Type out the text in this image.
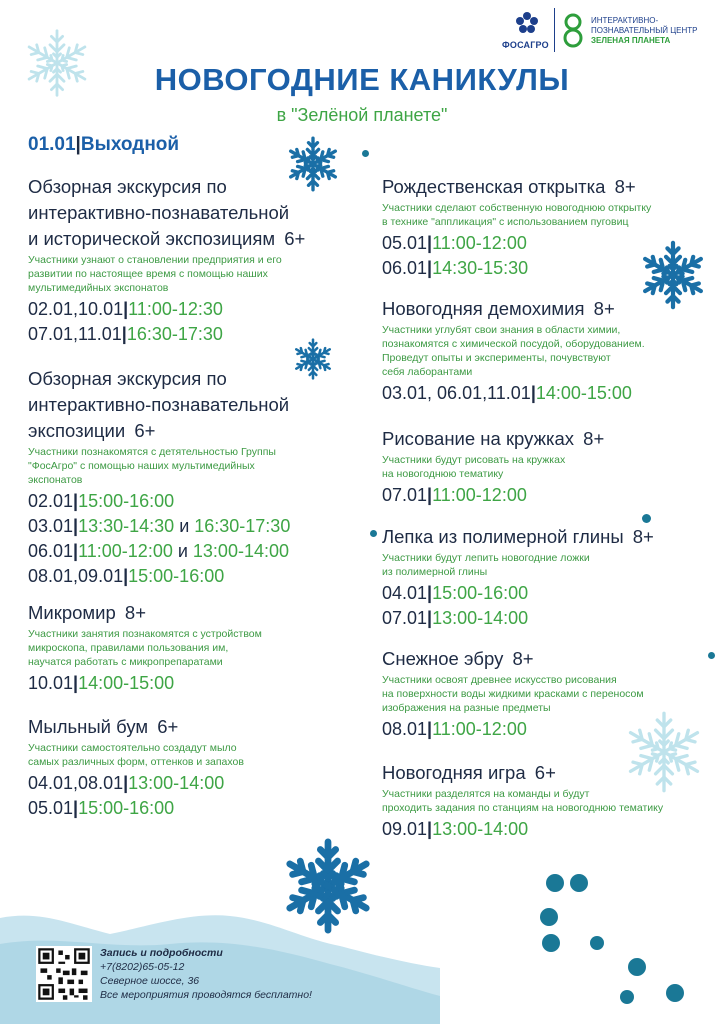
ФОСАГРО
ИНТЕРАКТИВНО-
ПОЗНАВАТЕЛЬНЫЙ ЦЕНТР
ЗЕЛЕНАЯ ПЛАНЕТА
НОВОГОДНИЕ КАНИКУЛЫ
в "Зелёной планете"
01.01|Выходной
Обзорная экскурсия по
интерактивно-познавательной
и исторической экспозициям 6+
Участники узнают о становлении предприятия и его
развитии по настоящее время с помощью наших
мультимедийных экспонатов
02.01,10.01|11:00-12:30
07.01,11.01|16:30-17:30
Обзорная экскурсия по
интерактивно-познавательной
экспозиции 6+
Участники познакомятся с детятельностью Группы
"ФосАгро" с помощью наших мультимедийных
экспонатов
02.01|15:00-16:00
03.01|13:30-14:30 и 16:30-17:30
06.01|11:00-12:00 и 13:00-14:00
08.01,09.01|15:00-16:00
Микромир 8+
Участники занятия познакомятся с устройством
микроскопа, правилами пользования им,
научатся работать с микропрепаратами
10.01|14:00-15:00
Мыльный бум 6+
Участники самостоятельно создадут мыло
самых различных форм, оттенков и запахов
04.01,08.01|13:00-14:00
05.01|15:00-16:00
Рождественская открытка 8+
Участники сделают собственную новогоднюю открытку
в технике "аппликация" с использованием пуговиц
05.01|11:00-12:00
06.01|14:30-15:30
Новогодняя демохимия 8+
Участники углубят свои знания в области химии,
познакомятся с химической посудой, оборудованием.
Проведут опыты и эксперименты, почувствуют
себя лаборантами
03.01, 06.01,11.01|14:00-15:00
Рисование на кружках 8+
Участники будут рисовать на кружках
на новогоднюю тематику
07.01|11:00-12:00
Лепка из полимерной глины 8+
Участники будут лепить новогодние ложки
из полимерной глины
04.01|15:00-16:00
07.01|13:00-14:00
Снежное эбру 8+
Участники освоят древнее искусство рисования
на поверхности воды жидкими красками с переносом
изображения на разные предметы
08.01|11:00-12:00
Новогодняя игра 6+
Участники разделятся на команды и будут
проходить задания по станциям на новогоднюю тематику
09.01|13:00-14:00
Запись и подробности
+7(8202)65-05-12
Северное шоссе, 36
Все мероприятия проводятся бесплатно!
